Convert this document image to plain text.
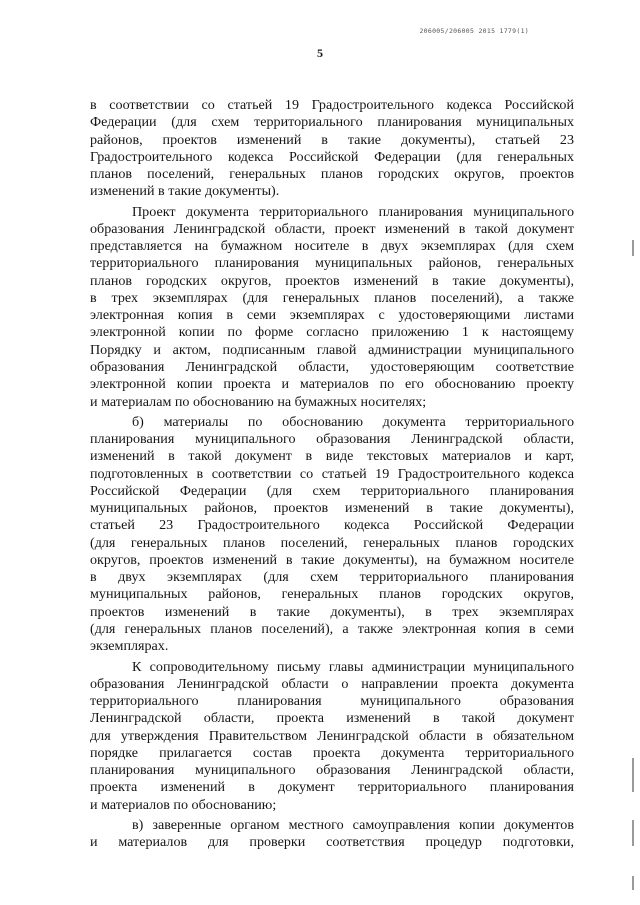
206005/206005 2015 1779(1)
5
в соответствии со статьей 19 Градостроительного кодекса Российской
Федерации (для схем территориального планирования муниципальных
районов, проектов изменений в такие документы), статьей 23
Градостроительного кодекса Российской Федерации (для генеральных
планов поселений, генеральных планов городских округов, проектов
изменений в такие документы).
Проект документа территориального планирования муниципального
образования Ленинградской области, проект изменений в такой документ
представляется на бумажном носителе в двух экземплярах (для схем
территориального планирования муниципальных районов, генеральных
планов городских округов, проектов изменений в такие документы),
в трех экземплярах (для генеральных планов поселений), а также
электронная копия в семи экземплярах с удостоверяющими листами
электронной копии по форме согласно приложению 1 к настоящему
Порядку и актом, подписанным главой администрации муниципального
образования Ленинградской области, удостоверяющим соответствие
электронной копии проекта и материалов по его обоснованию проекту
и материалам по обоснованию на бумажных носителях;
б) материалы по обоснованию документа территориального
планирования муниципального образования Ленинградской области,
изменений в такой документ в виде текстовых материалов и карт,
подготовленных в соответствии со статьей 19 Градостроительного кодекса
Российской Федерации (для схем территориального планирования
муниципальных районов, проектов изменений в такие документы),
статьей 23 Градостроительного кодекса Российской Федерации
(для генеральных планов поселений, генеральных планов городских
округов, проектов изменений в такие документы), на бумажном носителе
в двух экземплярах (для схем территориального планирования
муниципальных районов, генеральных планов городских округов,
проектов изменений в такие документы), в трех экземплярах
(для генеральных планов поселений), а также электронная копия в семи
экземплярах.
К сопроводительному письму главы администрации муниципального
образования Ленинградской области о направлении проекта документа
территориального планирования муниципального образования
Ленинградской области, проекта изменений в такой документ
для утверждения Правительством Ленинградской области в обязательном
порядке прилагается состав проекта документа территориального
планирования муниципального образования Ленинградской области,
проекта изменений в документ территориального планирования
и материалов по обоснованию;
в) заверенные органом местного самоуправления копии документов
и материалов для проверки соответствия процедур подготовки,
